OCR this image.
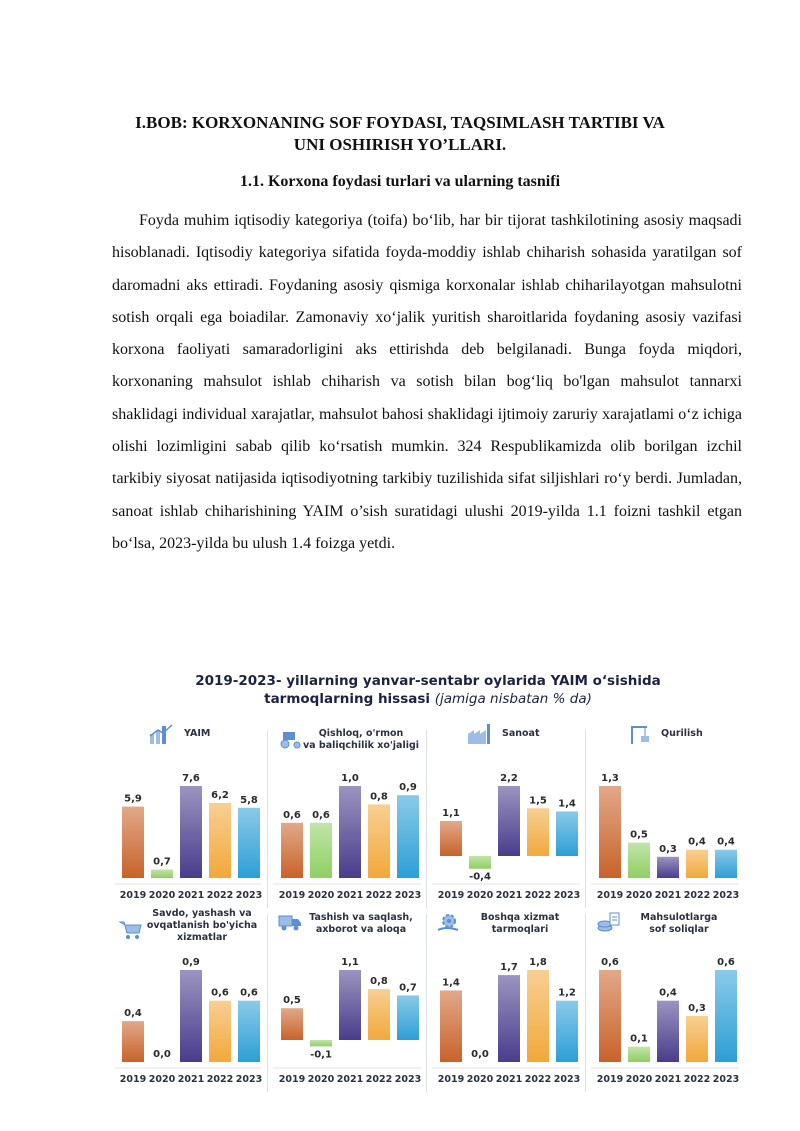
I.BOB: KORXONANING SOF FOYDASI, TAQSIMLASH TARTIBI VA
UNI OSHIRISH YO’LLARI.
1.1. Korxona foydasi turlari va ularning tasnifi

Foyda muhim iqtisodiy kategoriya (toifa) bo‘lib, har bir tijorat tashkilotining asosiy maqsadi hisoblanadi. Iqtisodiy kategoriya sifatida foyda-moddiy ishlab chiharish sohasida yaratilgan sof daromadni aks ettiradi. Foydaning asosiy qismiga korxonalar ishlab chiharilayotgan mahsulotni sotish orqali ega boiadilar. Zamonaviy xo‘jalik yuritish sharoitlarida foydaning asosiy vazifasi korxona faoliyati samaradorligini aks ettirishda deb belgilanadi. Bunga foyda miqdori, korxonaning mahsulot ishlab chiharish va sotish bilan bog‘liq bo'lgan mahsulot tannarxi shaklidagi individual xarajatlar, mahsulot bahosi shaklidagi ijtimoiy zaruriy xarajatlami o‘z ichiga olishi lozimligini sabab qilib ko‘rsatish mumkin. 324 Respublikamizda olib borilgan izchil tarkibiy siyosat natijasida iqtisodiyotning tarkibiy tuzilishida sifat siljishlari ro‘y berdi. Jumladan, sanoat ishlab chiharishining YAIM o’sish suratidagi ulushi 2019-yilda 1.1 foizni tashkil etgan bo‘lsa, 2023-yilda bu ulush 1.4 foizga yetdi.

2019-2023- yillarning yanvar-sentabr oylarida YAIM o‘sishida
tarmoqlarning hissasi (jamiga nisbatan % da)
YAIM
5,9
2019
0,7
2020
7,6
2021
6,2
2022
5,8
2023
Qishloq, o'rmon
va baliqchilik xo'jaligi
0,6
2019
0,6
2020
1,0
2021
0,8
2022
0,9
2023
Sanoat
1,1
2019
-0,4
2020
2,2
2021
1,5
2022
1,4
2023
Qurilish
1,3
2019
0,5
2020
0,3
2021
0,4
2022
0,4
2023
Savdo, yashash va
ovqatlanish bo'yicha
xizmatlar
0,4
2019
0,0
2020
0,9
2021
0,6
2022
0,6
2023
Tashish va saqlash,
axborot va aloqa
0,5
2019
-0,1
2020
1,1
2021
0,8
2022
0,7
2023
Boshqa xizmat
tarmoqlari
1,4
2019
0,0
2020
1,7
2021
1,8
2022
1,2
2023
Mahsulotlarga
sof soliqlar
0,6
2019
0,1
2020
0,4
2021
0,3
2022
0,6
2023
